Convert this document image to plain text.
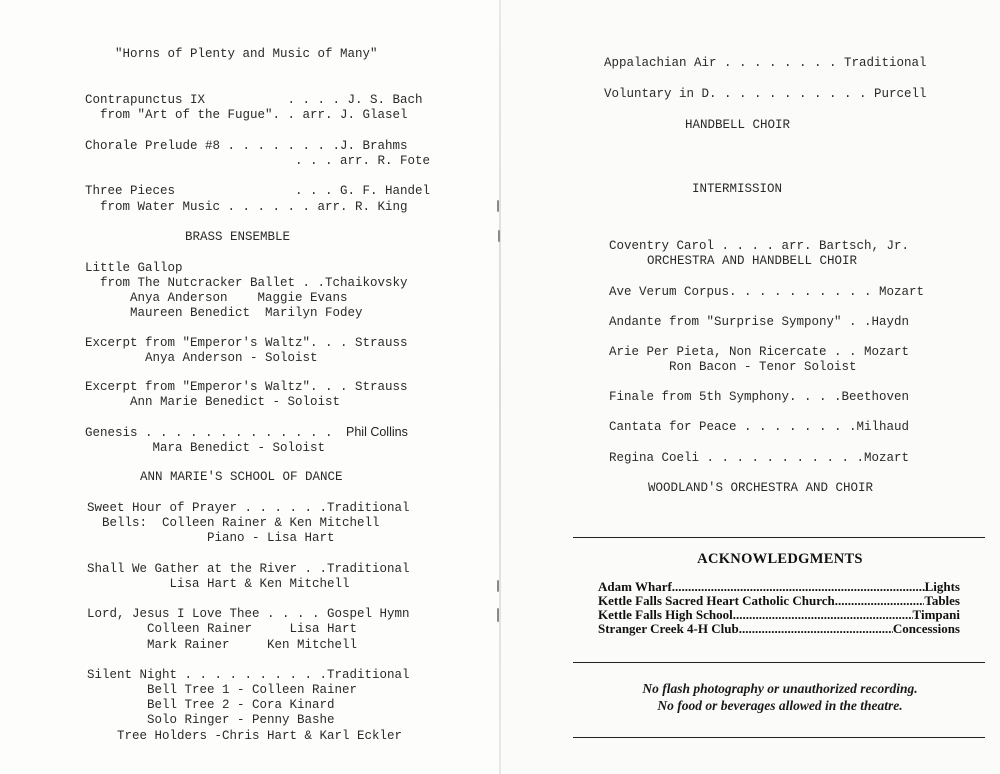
"Horns of Plenty and Music of Many"

Contrapunctus IX           . . . . J. S. Bach

from "Art of the Fugue". . arr. J. Glasel

Chorale Prelude #8 . . . . . . . .J. Brahms

. . . arr. R. Fote

Three Pieces                . . . G. F. Handel

from Water Music . . . . . . arr. R. King

BRASS ENSEMBLE

Little Gallop

from The Nutcracker Ballet . .Tchaikovsky

Anya Anderson    Maggie Evans

Maureen Benedict  Marilyn Fodey

Excerpt from "Emperor's Waltz". . . Strauss

Anya Anderson - Soloist

Excerpt from "Emperor's Waltz". . . Strauss

Ann Marie Benedict - Soloist

Genesis . . . . . . . . . . . . . Phil Collins

Mara Benedict - Soloist

ANN MARIE'S SCHOOL OF DANCE

Sweet Hour of Prayer . . . . . .Traditional

Bells:  Colleen Rainer & Ken Mitchell

Piano - Lisa Hart

Shall We Gather at the River . .Traditional

Lisa Hart & Ken Mitchell

Lord, Jesus I Love Thee . . . . Gospel Hymn

Colleen Rainer     Lisa Hart

Mark Rainer     Ken Mitchell

Silent Night . . . . . . . . . .Traditional

Bell Tree 1 - Colleen Rainer

Bell Tree 2 - Cora Kinard

Solo Ringer - Penny Bashe

Tree Holders -Chris Hart & Karl Eckler

Appalachian Air . . . . . . . . Traditional

Voluntary in D. . . . . . . . . . . Purcell

HANDBELL CHOIR

INTERMISSION

Coventry Carol . . . . arr. Bartsch, Jr.

ORCHESTRA AND HANDBELL CHOIR

Ave Verum Corpus. . . . . . . . . . Mozart

Andante from "Surprise Sympony" . .Haydn

Arie Per Pieta, Non Ricercate . . Mozart

Ron Bacon - Tenor Soloist

Finale from 5th Symphony. . . .Beethoven

Cantata for Peace . . . . . . . .Milhaud

Regina Coeli . . . . . . . . . . .Mozart

WOODLAND'S ORCHESTRA AND CHOIR

ACKNOWLEDGMENTS

Adam Wharf .....	Lights
Kettle Falls Sacred Heart Catholic Church .....	Tables
Kettle Falls High School .....	Timpani
Stranger Creek 4-H Club .....	Concessions

No flash photography or unauthorized recording.

No food or beverages allowed in the theatre.
